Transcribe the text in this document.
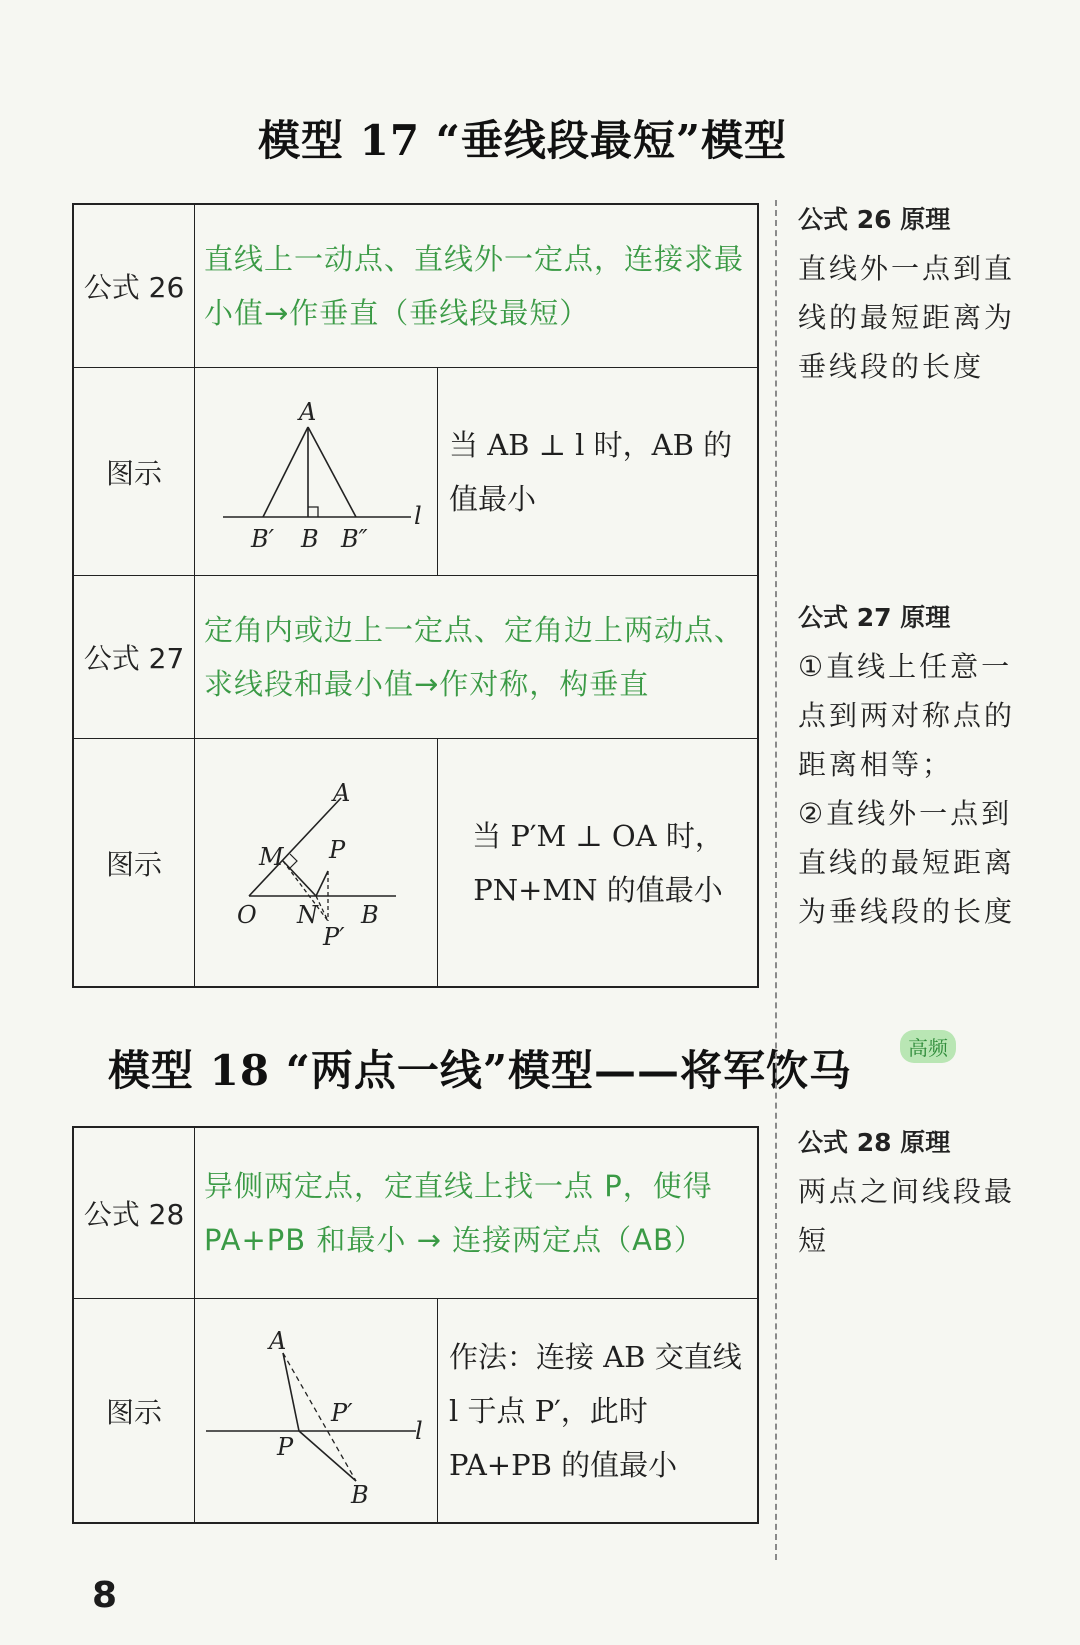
模型 17 “垂线段最短”模型
公式 26
直线上一动点、直线外一定点，连接求最小值→作垂直（垂线段最短）
图示
A
B′ B B″
l
当 AB ⊥ l 时，AB 的值最小
公式 27
定角内或边上一定点、定角边上两动点、求线段和最小值→作对称，构垂直
图示
A
M P
O N B
P′
当 P′M ⊥ OA 时，
PN+MN 的值最小
模型 18 “两点一线”模型——将军饮马	高频
公式 28
异侧两定点，定直线上找一点 P，使得 PA+PB 和最小 → 连接两定点（AB）
图示
A
P′
P
l
B
作法：连接 AB 交直线 l 于点 P′，此时 PA+PB 的值最小
公式 26 原理
直线外一点到直线的最短距离为垂线段的长度
公式 27 原理
①直线上任意一点到两对称点的距离相等；
②直线外一点到直线的最短距离为垂线段的长度
公式 28 原理
两点之间线段最短
8
